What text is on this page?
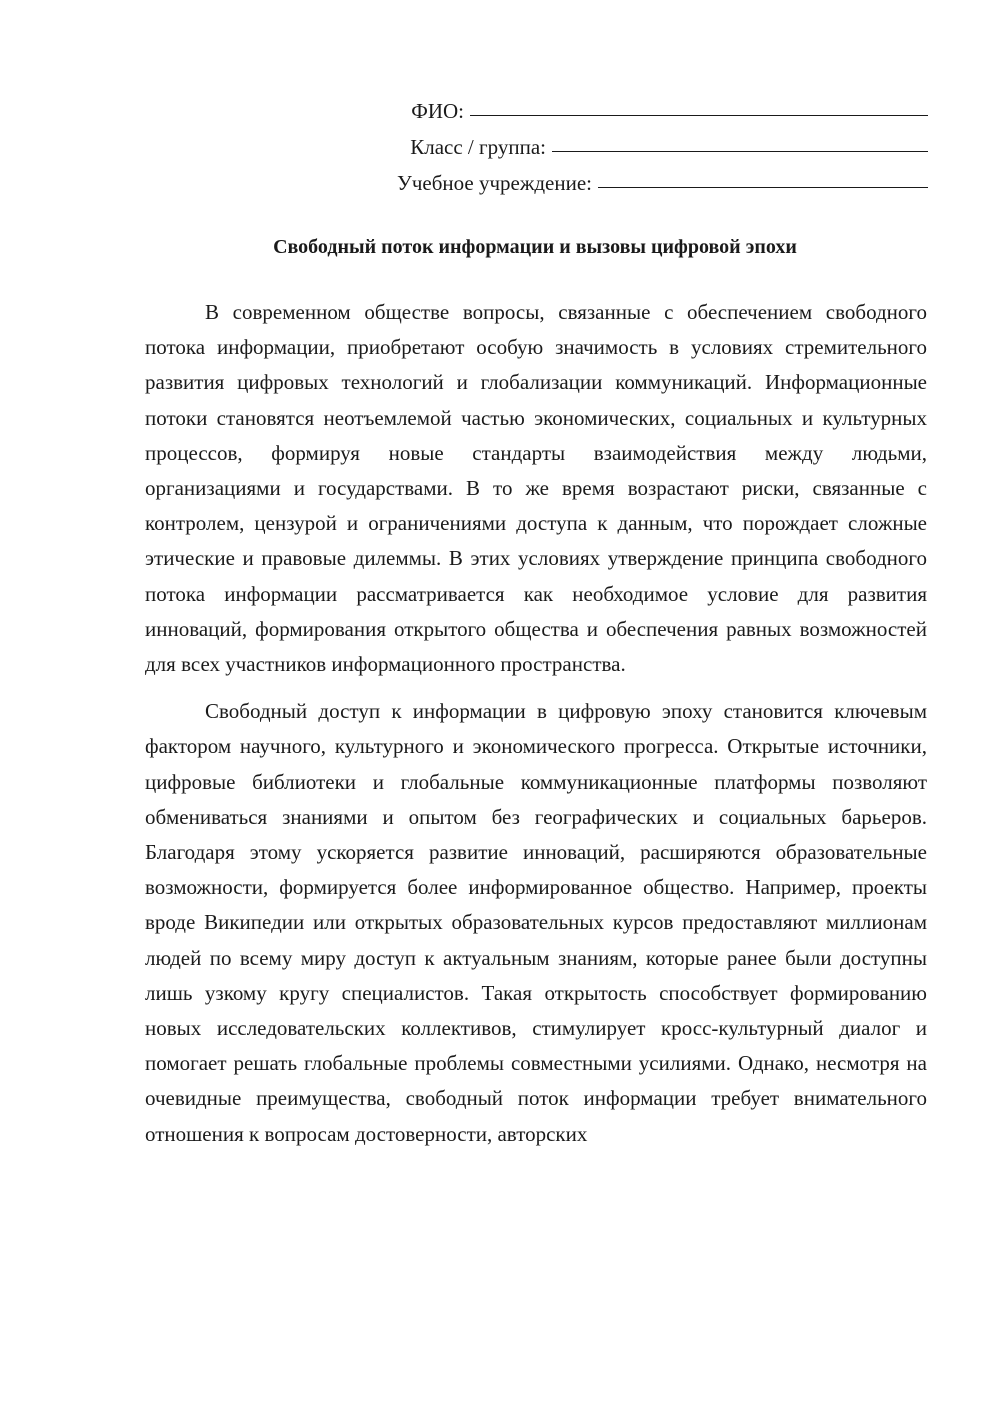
ФИО:
Класс / группа:
Учебное учреждение:
Свободный поток информации и вызовы цифровой эпохи

В современном обществе вопросы, связанные с обеспечением свободного потока информации, приобретают особую значимость в условиях стремительного развития цифровых технологий и глобализации коммуникаций. Информационные потоки становятся неотъемлемой частью экономических, социальных и культурных процессов, формируя новые стандарты взаимодействия между людьми, организациями и государствами. В то же время возрастают риски, связанные с контролем, цензурой и ограничениями доступа к данным, что порождает сложные этические и правовые дилеммы. В этих условиях утверждение принципа свободного потока информации рассматривается как необходимое условие для развития инноваций, формирования открытого общества и обеспечения равных возможностей для всех участников информационного пространства.

Свободный доступ к информации в цифровую эпоху становится ключевым фактором научного, культурного и экономического прогресса. Открытые источники, цифровые библиотеки и глобальные коммуникационные платформы позволяют обмениваться знаниями и опытом без географических и социальных барьеров. Благодаря этому ускоряется развитие инноваций, расширяются образовательные возможности, формируется более информированное общество. Например, проекты вроде Википедии или открытых образовательных курсов предоставляют миллионам людей по всему миру доступ к актуальным знаниям, которые ранее были доступны лишь узкому кругу специалистов. Такая открытость способствует формированию новых исследовательских коллективов, стимулирует кросс-культурный диалог и помогает решать глобальные проблемы совместными усилиями. Однако, несмотря на очевидные преимущества, свободный поток информации требует внимательного отношения к вопросам достоверности, авторских
